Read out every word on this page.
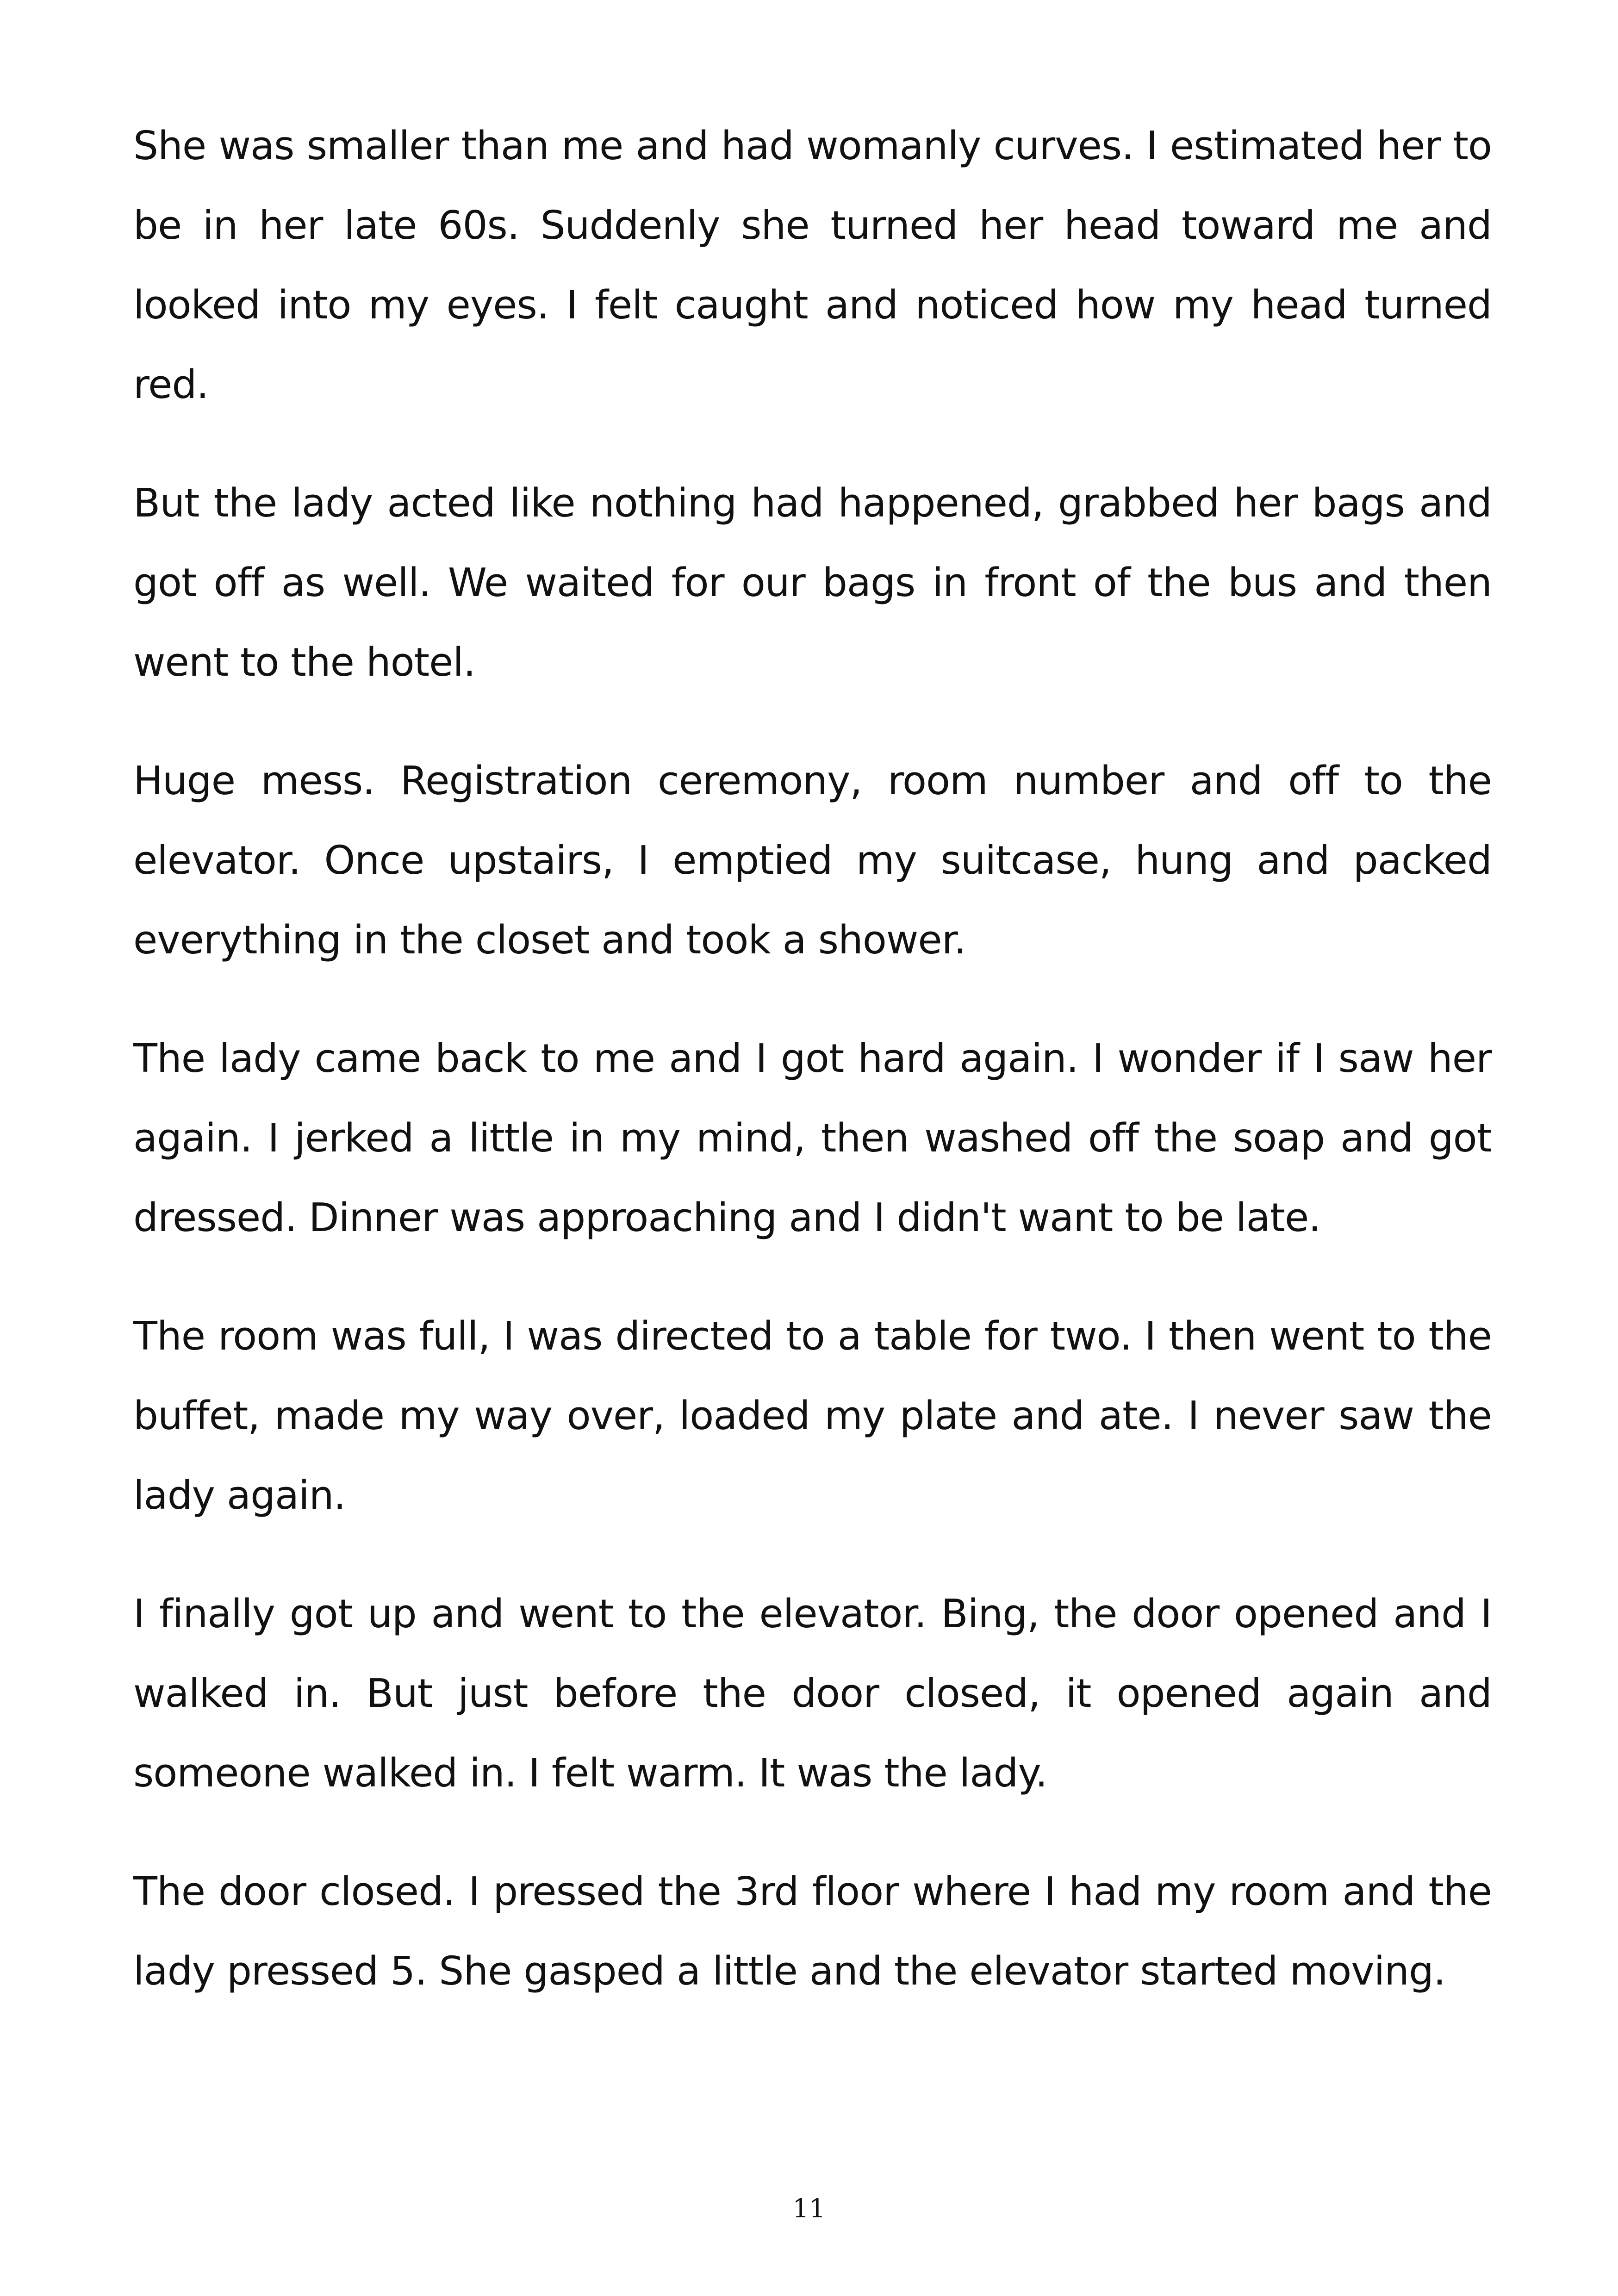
She was smaller than me and had womanly curves. I estimated her to be in her late 60s. Suddenly she turned her head toward me and looked into my eyes. I felt caught and noticed how my head turned red.

But the lady acted like nothing had happened, grabbed her bags and got off as well. We waited for our bags in front of the bus and then went to the hotel.

Huge mess. Registration ceremony, room number and off to the elevator. Once upstairs, I emptied my suitcase, hung and packed everything in the closet and took a shower.

The lady came back to me and I got hard again. I wonder if I saw her again. I jerked a little in my mind, then washed off the soap and got dressed. Dinner was approaching and I didn't want to be late.

The room was full, I was directed to a table for two. I then went to the buffet, made my way over, loaded my plate and ate. I never saw the lady again.

I finally got up and went to the elevator. Bing, the door opened and I walked in. But just before the door closed, it opened again and someone walked in. I felt warm. It was the lady.

The door closed. I pressed the 3rd floor where I had my room and the lady pressed 5. She gasped a little and the elevator started moving.

11
